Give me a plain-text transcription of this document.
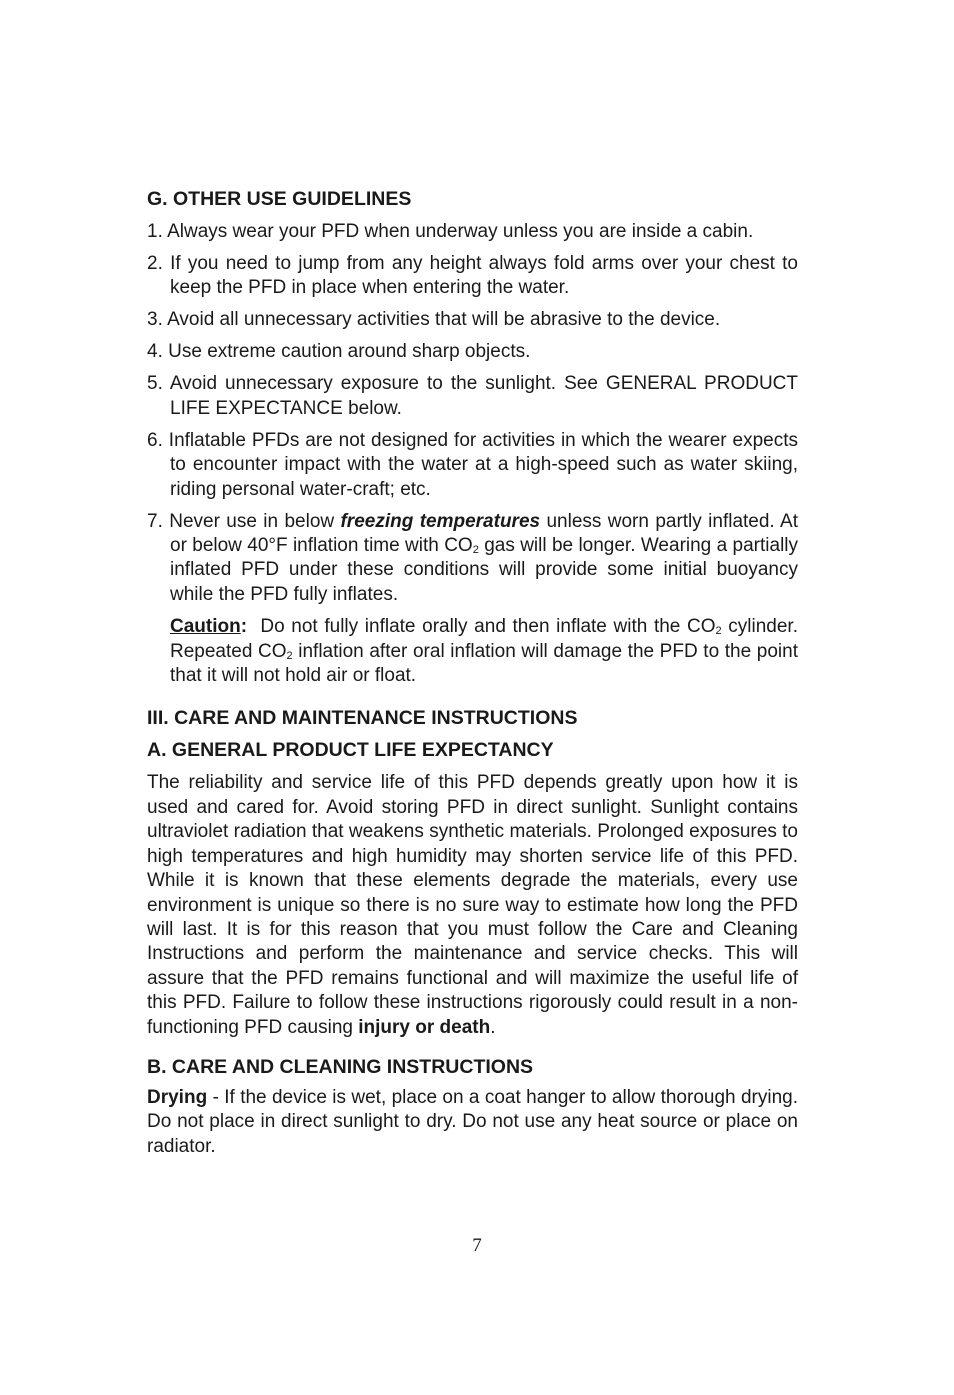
G. OTHER USE GUIDELINES
1. Always wear your PFD when underway unless you are inside a cabin.
2. If you need to jump from any height always fold arms over your chest to keep the PFD in place when entering the water.
3. Avoid all unnecessary activities that will be abrasive to the device.
4. Use extreme caution around sharp objects.
5. Avoid unnecessary exposure to the sunlight. See GENERAL PRODUCT LIFE EXPECTANCE below.
6. Inflatable PFDs are not designed for activities in which the wearer expects to encounter impact with the water at a high-speed such as water skiing, riding personal water-craft; etc.
7. Never use in below freezing temperatures unless worn partly inflated. At or below 40°F inflation time with $CO_2$ gas will be longer. Wearing a partially inflated PFD under these conditions will provide some initial buoyancy while the PFD fully inflates.

Caution:  Do not fully inflate orally and then inflate with the $CO_2$ cylinder. Repeated $CO_2$ inflation after oral inflation will damage the PFD to the point that it will not hold air or float.

III. CARE AND MAINTENANCE INSTRUCTIONS
A. GENERAL PRODUCT LIFE EXPECTANCY

The reliability and service life of this PFD depends greatly upon how it is used and cared for. Avoid storing PFD in direct sunlight. Sunlight contains ultraviolet radiation that weakens synthetic materials. Prolonged exposures to high temperatures and high humidity may shorten service life of this PFD. While it is known that these elements degrade the materials, every use environment is unique so there is no sure way to estimate how long the PFD will last. It is for this reason that you must follow the Care and Cleaning Instructions and perform the maintenance and service checks. This will assure that the PFD remains functional and will maximize the useful life of this PFD. Failure to follow these instructions rigorously could result in a non-functioning PFD causing injury or death.

B. CARE AND CLEANING INSTRUCTIONS

Drying - If the device is wet, place on a coat hanger to allow thorough drying. Do not place in direct sunlight to dry. Do not use any heat source or place on radiator.

7
